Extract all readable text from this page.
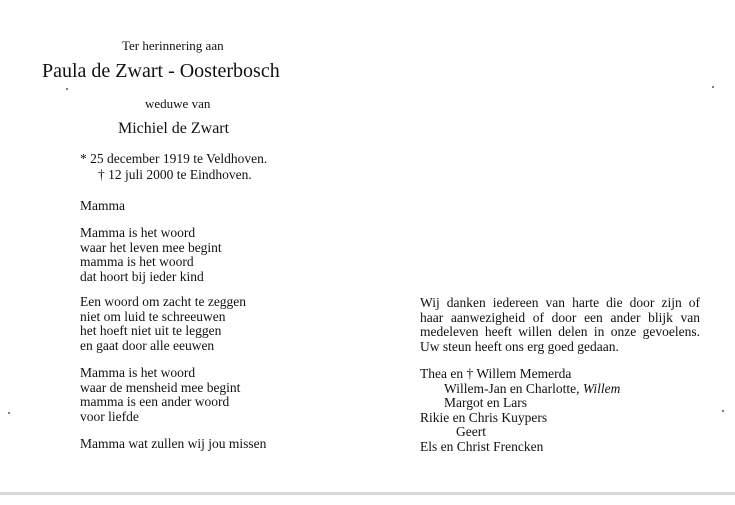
Ter herinnering aan
Paula de Zwart - Oosterbosch
weduwe van
Michiel de Zwart
* 25 december 1919 te Veldhoven.
† 12 juli 2000 te Eindhoven.
Mamma
Mamma is het woord
waar het leven mee begint
mamma is het woord
dat hoort bij ieder kind
Een woord om zacht te zeggen
niet om luid te schreeuwen
het hoeft niet uit te leggen
en gaat door alle eeuwen
Mamma is het woord
waar de mensheid mee begint
mamma is een ander woord
voor liefde
Mamma wat zullen wij jou missen
Wij danken iedereen van harte die door zijn of
haar aanwezigheid of door een ander blijk van
medeleven heeft willen delen in onze gevoelens.
Uw steun heeft ons erg goed gedaan.
Thea en † Willem Memerda
Willem-Jan en Charlotte, Willem
Margot en Lars
Rikie en Chris Kuypers
Geert
Els en Christ Frencken
